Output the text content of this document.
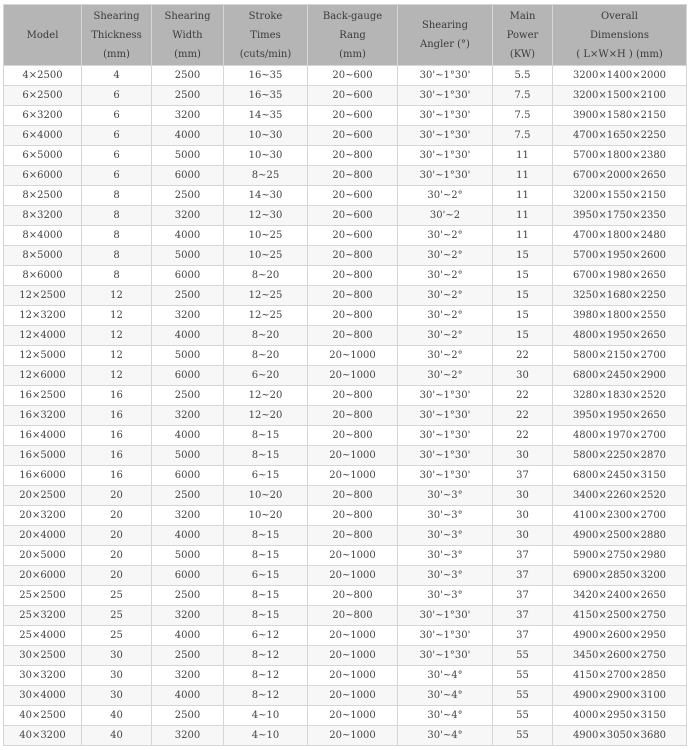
Model	Shearing
Thickness
(mm)	Shearing
Width
(mm)	Stroke
Times
(cuts/min)	Back-gauge
Rang
(mm)	Shearing
Angler (°)	Main
Power
(KW)	Overall
Dimensions
( L×W×H ) (mm)

4×2500	4	2500	16~35	20~600	30'~1°30'	5.5	3200×1400×2000
6×2500	6	2500	16~35	20~600	30'~1°30'	7.5	3200×1500×2100
6×3200	6	3200	14~35	20~600	30'~1°30'	7.5	3900×1580×2150
6×4000	6	4000	10~30	20~600	30'~1°30'	7.5	4700×1650×2250
6×5000	6	5000	10~30	20~800	30'~1°30'	11	5700×1800×2380
6×6000	6	6000	8~25	20~800	30'~1°30'	11	6700×2000×2650
8×2500	8	2500	14~30	20~600	30'~2°	11	3200×1550×2150
8×3200	8	3200	12~30	20~600	30'~2	11	3950×1750×2350
8×4000	8	4000	10~25	20~600	30'~2°	11	4700×1800×2480
8×5000	8	5000	10~25	20~800	30'~2°	15	5700×1950×2600
8×6000	8	6000	8~20	20~800	30'~2°	15	6700×1980×2650
12×2500	12	2500	12~25	20~800	30'~2°	15	3250×1680×2250
12×3200	12	3200	12~25	20~800	30'~2°	15	3980×1800×2550
12×4000	12	4000	8~20	20~800	30'~2°	15	4800×1950×2650
12×5000	12	5000	8~20	20~1000	30'~2°	22	5800×2150×2700
12×6000	12	6000	6~20	20~1000	30'~2°	30	6800×2450×2900
16×2500	16	2500	12~20	20~800	30'~1°30'	22	3280×1830×2520
16×3200	16	3200	12~20	20~800	30'~1°30'	22	3950×1950×2650
16×4000	16	4000	8~15	20~800	30'~1°30'	22	4800×1970×2700
16×5000	16	5000	8~15	20~1000	30'~1°30'	30	5800×2250×2870
16×6000	16	6000	6~15	20~1000	30'~1°30'	37	6800×2450×3150
20×2500	20	2500	10~20	20~800	30'~3°	30	3400×2260×2520
20×3200	20	3200	10~20	20~800	30'~3°	30	4100×2300×2700
20×4000	20	4000	8~15	20~800	30'~3°	30	4900×2500×2880
20×5000	20	5000	8~15	20~1000	30'~3°	37	5900×2750×2980
20×6000	20	6000	6~15	20~1000	30'~3°	37	6900×2850×3200
25×2500	25	2500	8~15	20~800	30'~3°	37	3420×2400×2650
25×3200	25	3200	8~15	20~800	30'~1°30'	37	4150×2500×2750
25×4000	25	4000	6~12	20~1000	30'~1°30'	37	4900×2600×2950
30×2500	30	2500	8~12	20~1000	30'~1°30'	55	3450×2600×2750
30×3200	30	3200	8~12	20~1000	30'~4°	55	4150×2700×2850
30×4000	30	4000	8~12	20~1000	30'~4°	55	4900×2900×3100
40×2500	40	2500	4~10	20~1000	30'~4°	55	4000×2950×3150
40×3200	40	3200	4~10	20~1000	30'~4°	55	4900×3050×3680
